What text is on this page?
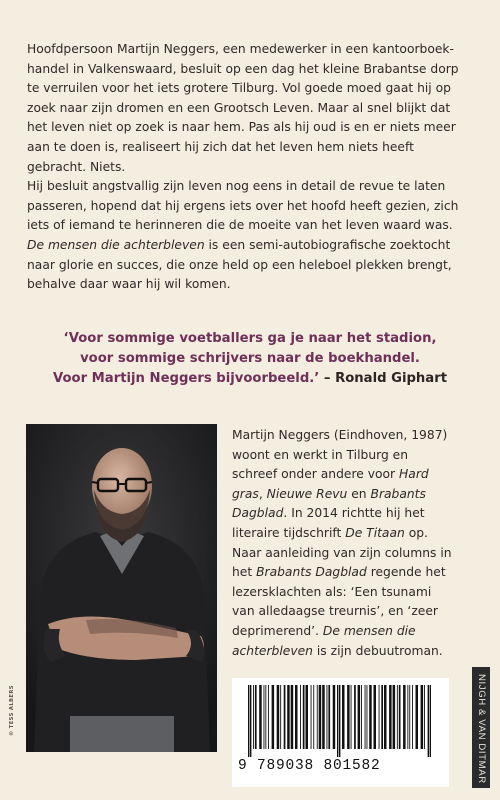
Hoofdpersoon Martijn Neggers, een medewerker in een kantoorboek-handel in Valkenswaard, besluit op een dag het kleine Brabantse dorp te verruilen voor het iets grotere Tilburg. Vol goede moed gaat hij op zoek naar zijn dromen en een Grootsch Leven. Maar al snel blijkt dat het leven niet op zoek is naar hem. Pas als hij oud is en er niets meer aan te doen is, realiseert hij zich dat het leven hem niets heeft gebracht. Niets.

Hij besluit angstvallig zijn leven nog eens in detail de revue te laten passeren, hopend dat hij ergens iets over het hoofd heeft gezien, zich iets of iemand te herinneren die de moeite van het leven waard was.

De mensen die achterbleven is een semi-autobiografische zoektocht naar glorie en succes, die onze held op een heleboel plekken brengt, behalve daar waar hij wil komen.

‘Voor sommige voetballers ga je naar het stadion,
voor sommige schrijvers naar de boekhandel.
Voor Martijn Neggers bijvoorbeeld.’ – Ronald Giphart
© TESS ALBERS

Martijn Neggers (Eindhoven, 1987) woont en werkt in Tilburg en schreef onder andere voor Hard gras, Nieuwe Revu en Brabants Dagblad. In 2014 richtte hij het literaire tijdschrift De Titaan op. Naar aanleiding van zijn columns in het Brabants Dagblad regende het lezersklachten als: ‘Een tsunami van alledaagse treurnis’, en ‘zeer deprimerend’. De mensen die achterbleven is zijn debuutroman.

9 789038 801582	NIJGH & VAN DITMAR
